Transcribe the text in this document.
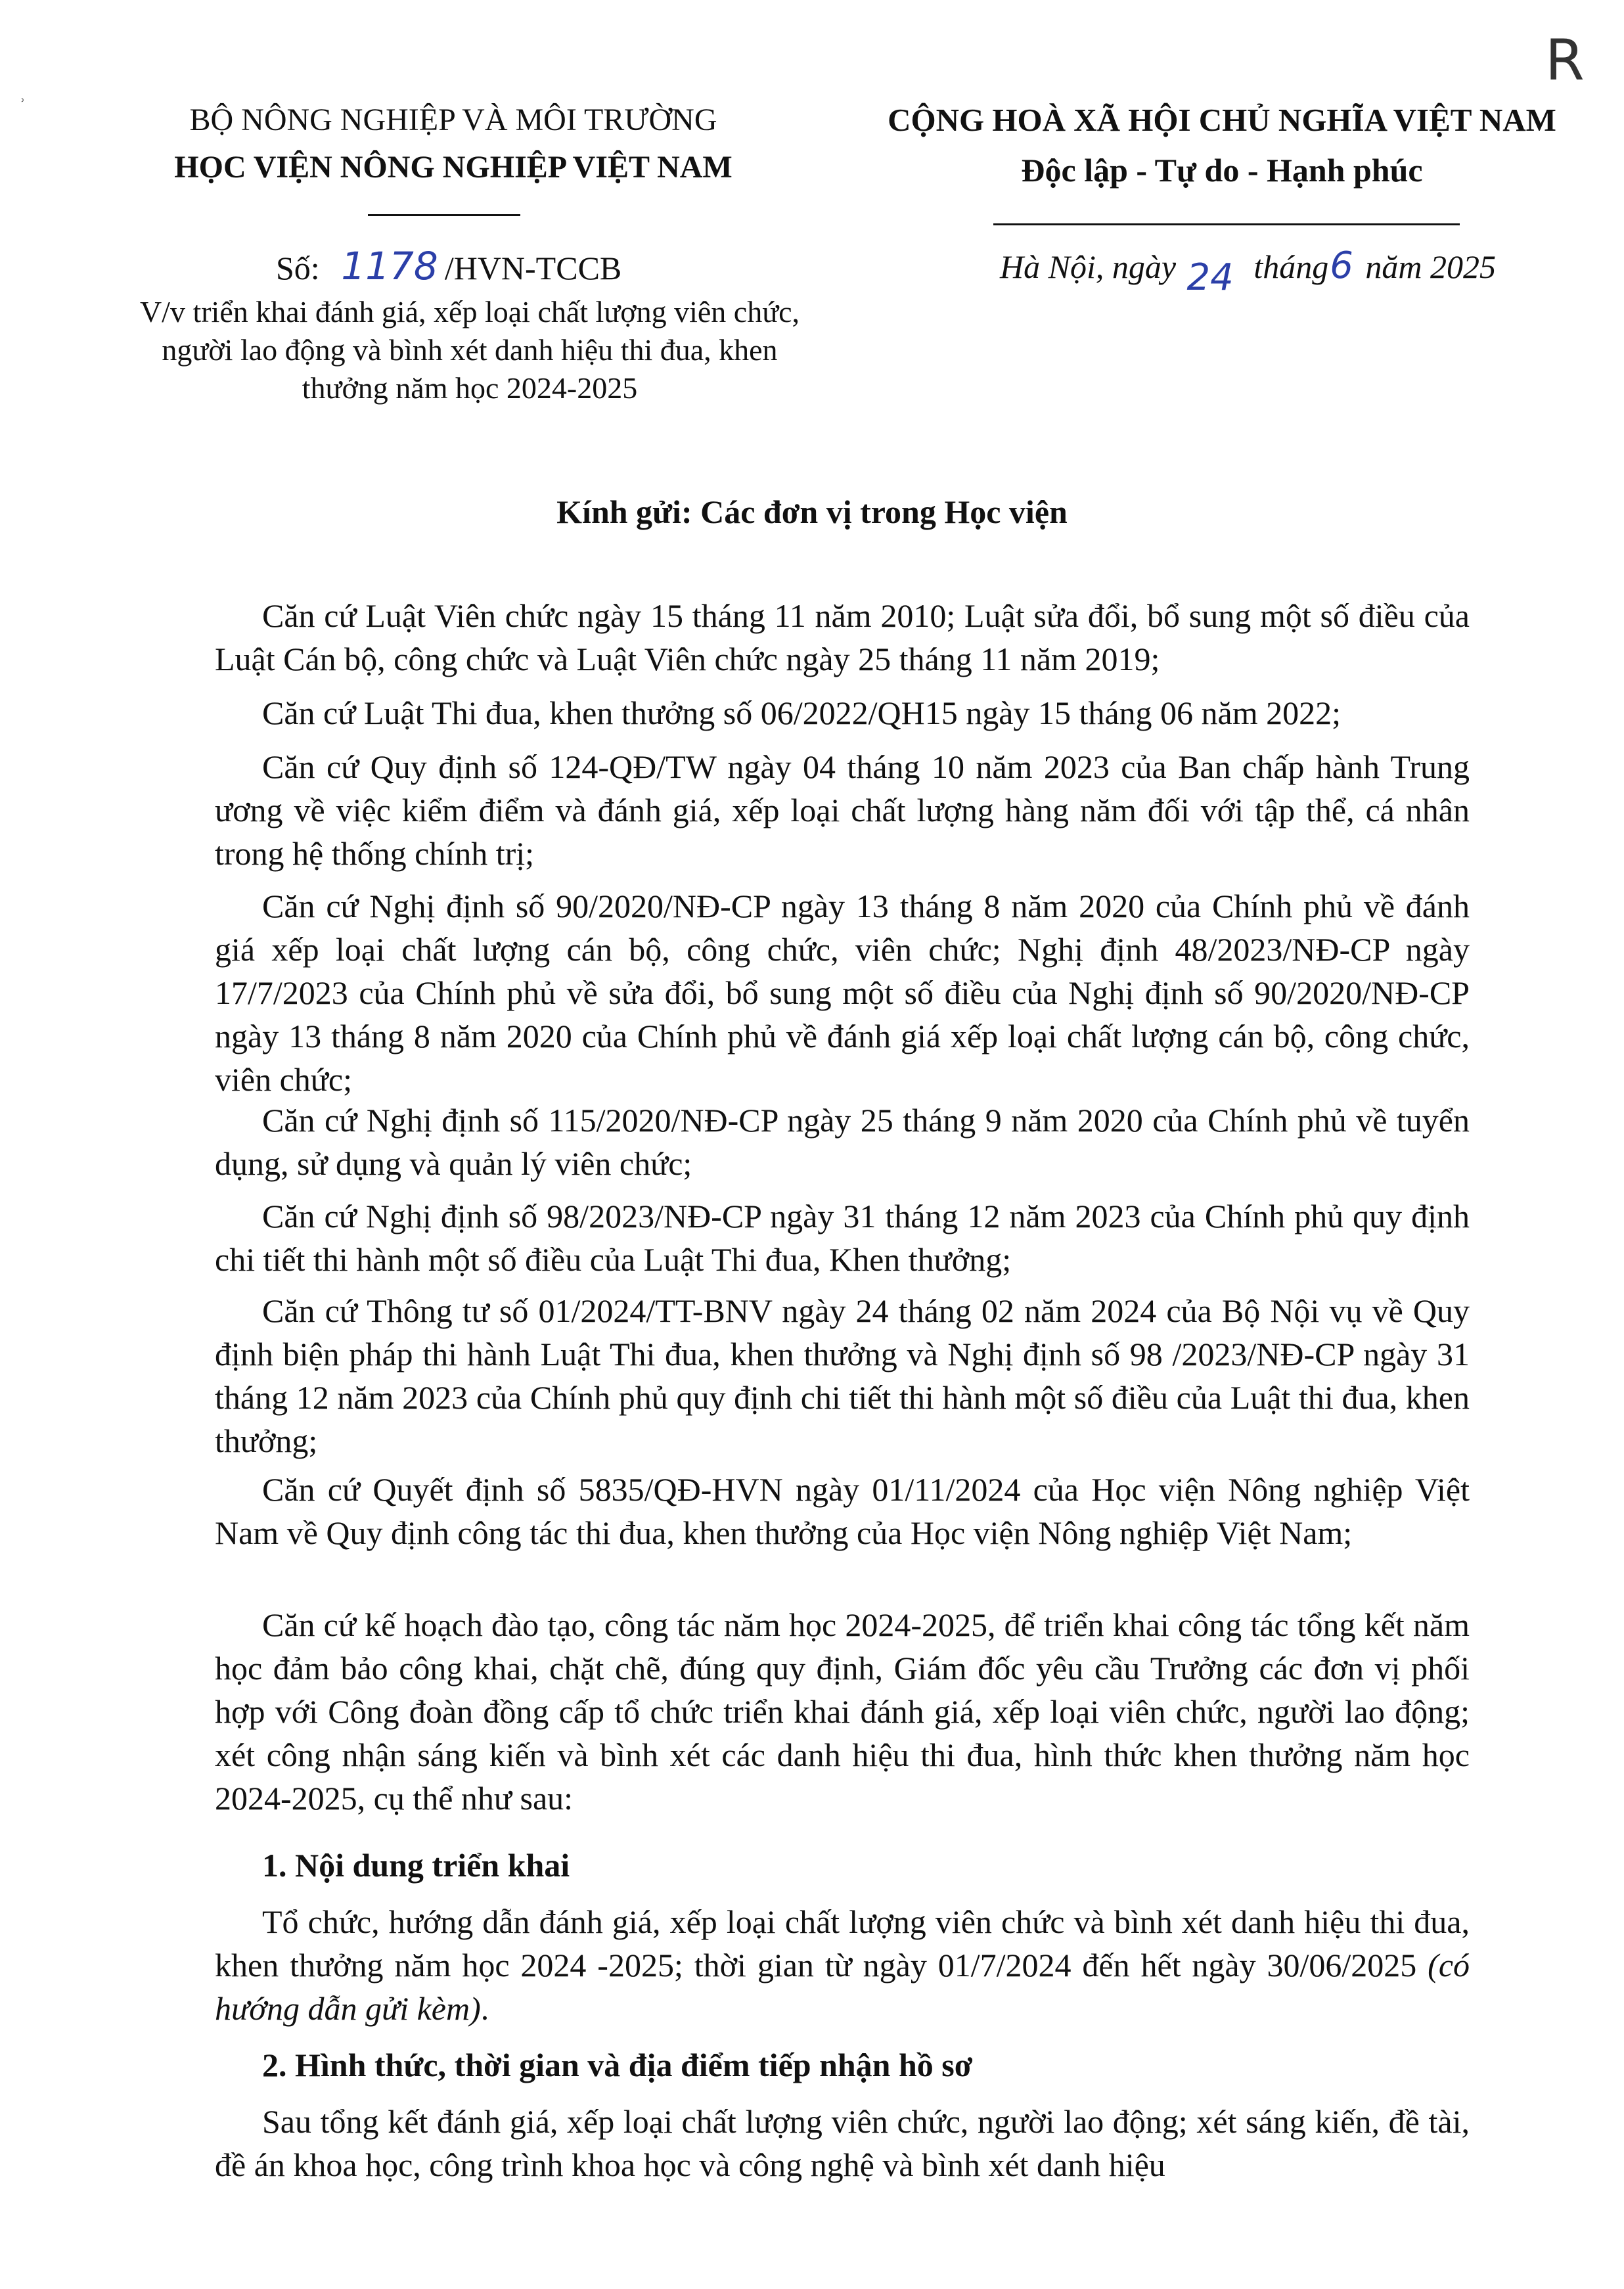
R
⸒
BỘ NÔNG NGHIỆP VÀ MÔI TRƯỜNG
HỌC VIỆN NÔNG NGHIỆP VIỆT NAM
CỘNG HOÀ XÃ HỘI CHỦ NGHĨA VIỆT NAM
Độc lập - Tự do - Hạnh phúc
Số: 1178 /HVN-TCCB
V/v triển khai đánh giá, xếp loại chất lượng viên chức, người lao động và bình xét danh hiệu thi đua, khen thưởng năm học 2024-2025
Hà Nội, ngày 24 tháng6 năm 2025
Kính gửi: Các đơn vị trong Học viện
Căn cứ Luật Viên chức ngày 15 tháng 11 năm 2010; Luật sửa đổi, bổ sung một số điều của Luật Cán bộ, công chức và Luật Viên chức ngày 25 tháng 11 năm 2019;
Căn cứ Luật Thi đua, khen thưởng số 06/2022/QH15 ngày 15 tháng 06 năm 2022;
Căn cứ Quy định số 124-QĐ/TW ngày 04 tháng 10 năm 2023 của Ban chấp hành Trung ương về việc kiểm điểm và đánh giá, xếp loại chất lượng hàng năm đối với tập thể, cá nhân trong hệ thống chính trị;
Căn cứ Nghị định số 90/2020/NĐ-CP ngày 13 tháng 8 năm 2020 của Chính phủ về đánh giá xếp loại chất lượng cán bộ, công chức, viên chức; Nghị định 48/2023/NĐ-CP ngày 17/7/2023 của Chính phủ về sửa đổi, bổ sung một số điều của Nghị định số 90/2020/NĐ-CP ngày 13 tháng 8 năm 2020 của Chính phủ về đánh giá xếp loại chất lượng cán bộ, công chức, viên chức;
Căn cứ Nghị định số 115/2020/NĐ-CP ngày 25 tháng 9 năm 2020 của Chính phủ về tuyển dụng, sử dụng và quản lý viên chức;
Căn cứ Nghị định số 98/2023/NĐ-CP ngày 31 tháng 12 năm 2023 của Chính phủ quy định chi tiết thi hành một số điều của Luật Thi đua, Khen thưởng;
Căn cứ Thông tư số 01/2024/TT-BNV ngày 24 tháng 02 năm 2024 của Bộ Nội vụ về Quy định biện pháp thi hành Luật Thi đua, khen thưởng và Nghị định số 98 /2023/NĐ-CP ngày 31 tháng 12 năm 2023 của Chính phủ quy định chi tiết thi hành một số điều của Luật thi đua, khen thưởng;
Căn cứ Quyết định số 5835/QĐ-HVN ngày 01/11/2024 của Học viện Nông nghiệp Việt Nam về Quy định công tác thi đua, khen thưởng của Học viện Nông nghiệp Việt Nam;
Căn cứ kế hoạch đào tạo, công tác năm học 2024-2025, để triển khai công tác tổng kết năm học đảm bảo công khai, chặt chẽ, đúng quy định, Giám đốc yêu cầu Trưởng các đơn vị phối hợp với Công đoàn đồng cấp tổ chức triển khai đánh giá, xếp loại viên chức, người lao động; xét công nhận sáng kiến và bình xét các danh hiệu thi đua, hình thức khen thưởng năm học 2024-2025, cụ thể như sau:
1. Nội dung triển khai
Tổ chức, hướng dẫn đánh giá, xếp loại chất lượng viên chức và bình xét danh hiệu thi đua, khen thưởng năm học 2024 -2025; thời gian từ ngày 01/7/2024 đến hết ngày 30/06/2025 (có hướng dẫn gửi kèm).
2. Hình thức, thời gian và địa điểm tiếp nhận hồ sơ
Sau tổng kết đánh giá, xếp loại chất lượng viên chức, người lao động; xét sáng kiến, đề tài, đề án khoa học, công trình khoa học và công nghệ và bình xét danh hiệu
